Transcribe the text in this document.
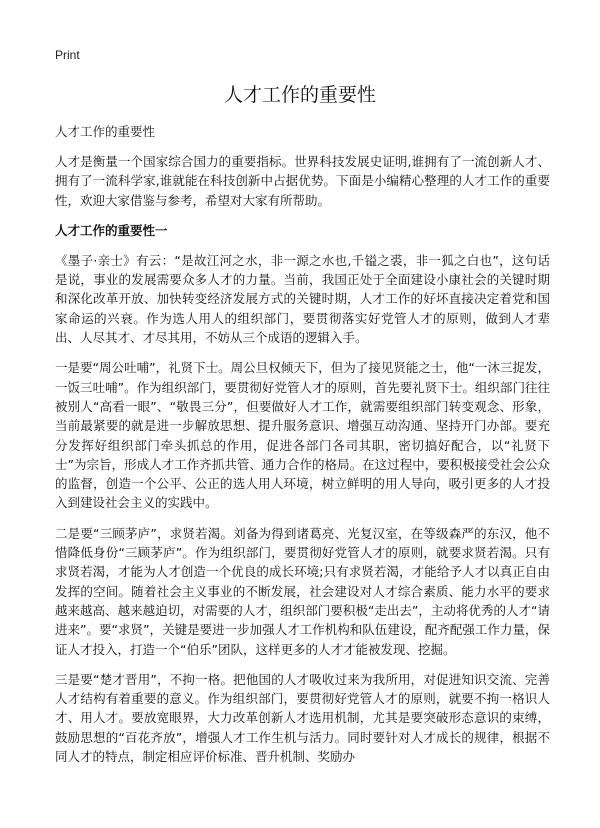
Print
人才工作的重要性

人才工作的重要性

人才是衡量一个国家综合国力的重要指标。世界科技发展史证明,谁拥有了一流创新人才、拥有了一流科学家,谁就能在科技创新中占据优势。下面是小编精心整理的人才工作的重要性，欢迎大家借鉴与参考，希望对大家有所帮助。

人才工作的重要性一

《墨子·亲士》有云：“是故江河之水，非一源之水也,千镒之裘，非一狐之白也”，这句话是说，事业的发展需要众多人才的力量。当前，我国正处于全面建设小康社会的关键时期和深化改革开放、加快转变经济发展方式的关键时期，人才工作的好坏直接决定着党和国家命运的兴衰。作为选人用人的组织部门，要贯彻落实好党管人才的原则，做到人才辈出、人尽其才、才尽其用，不妨从三个成语的逻辑入手。

一是要“周公吐哺”，礼贤下士。周公旦权倾天下，但为了接见贤能之士，他“一沐三捉发，一饭三吐哺”。作为组织部门，要贯彻好党管人才的原则，首先要礼贤下士。组织部门往往被别人“高看一眼”、“敬畏三分”，但要做好人才工作，就需要组织部门转变观念、形象，当前最紧要的就是进一步解放思想、提升服务意识、增强互动沟通、坚持开门办部。要充分发挥好组织部门牵头抓总的作用，促进各部门各司其职，密切搞好配合，以“礼贤下士”为宗旨，形成人才工作齐抓共管、通力合作的格局。在这过程中，要积极接受社会公众的监督，创造一个公平、公正的选人用人环境，树立鲜明的用人导向，吸引更多的人才投入到建设社会主义的实践中。

二是要“三顾茅庐”，求贤若渴。刘备为得到诸葛亮、光复汉室，在等级森严的东汉，他不惜降低身份“三顾茅庐”。作为组织部门，要贯彻好党管人才的原则，就要求贤若渴。只有求贤若渴，才能为人才创造一个优良的成长环境;只有求贤若渴，才能给予人才以真正自由发挥的空间。随着社会主义事业的不断发展，社会建设对人才综合素质、能力水平的要求越来越高、越来越迫切，对需要的人才，组织部门要积极“走出去”，主动将优秀的人才“请进来”。要“求贤”，关键是要进一步加强人才工作机构和队伍建设，配齐配强工作力量，保证人才投入，打造一个“伯乐”团队，这样更多的人才才能被发现、挖掘。

三是要“楚才晋用”，不拘一格。把他国的人才吸收过来为我所用，对促进知识交流、完善人才结构有着重要的意义。作为组织部门，要贯彻好党管人才的原则，就要不拘一格识人才、用人才。要放宽眼界，大力改革创新人才选用机制，尤其是要突破形态意识的束缚，鼓励思想的“百花齐放”，增强人才工作生机与活力。同时要针对人才成长的规律，根据不同人才的特点，制定相应评价标准、晋升机制、奖励办
